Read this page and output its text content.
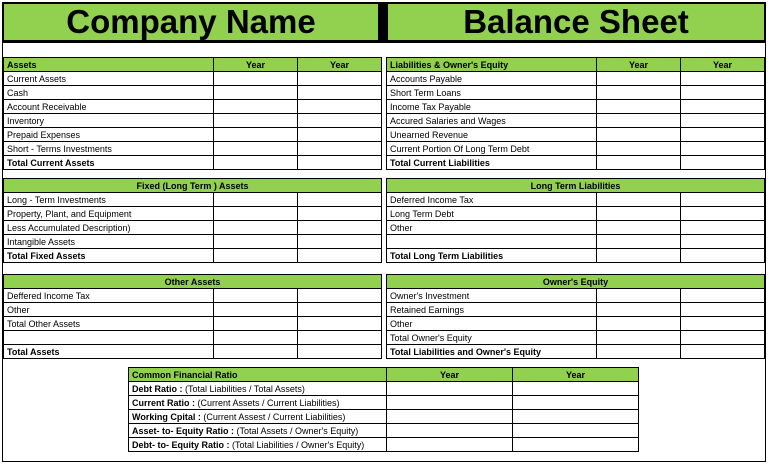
Company Name	Balance Sheet
Assets	Year	Year
Current Assets		
Cash		
Account Receivable		
Inventory		
Prepaid Expenses		
Short - Terms Investments		
Total Current Assets		
Liabilities & Owner's Equity	Year	Year
Accounts Payable		
Short Term Loans		
Income Tax Payable		
Accured Salaries and Wages		
Unearned Revenue		
Current Portion Of Long Term Debt		
Total Current Liabilities		
Fixed (Long Term ) Assets		
Long - Term Investments		
Property, Plant, and Equipment		
Less Accumulated Description)		
Intangible Assets		
Total Fixed Assets		
Long Term Liabilities		
Deferred Income Tax		
Long Term Debt		
Other		

Total Long Term Liabilities		
Other Assets		
Deffered Income Tax		
Other		
Total Other Assets		

Total Assets		
Owner's Equity		
Owner's Investment		
Retained Earnings		
Other		
Total Owner's Equity		
Total Liabilities and Owner's Equity		
Common Financial Ratio	Year	Year
Debt Ratio : (Total Liabilities / Total Assets)		
Current Ratio : (Current Assets / Current Liabilities)		
Working Cpital : (Current Assest / Current Liabilities)		
Asset- to- Equity Ratio : (Total Assets / Owner's Equity)		
Debt- to- Equity Ratio : (Total Liabilities / Owner's Equity)		
